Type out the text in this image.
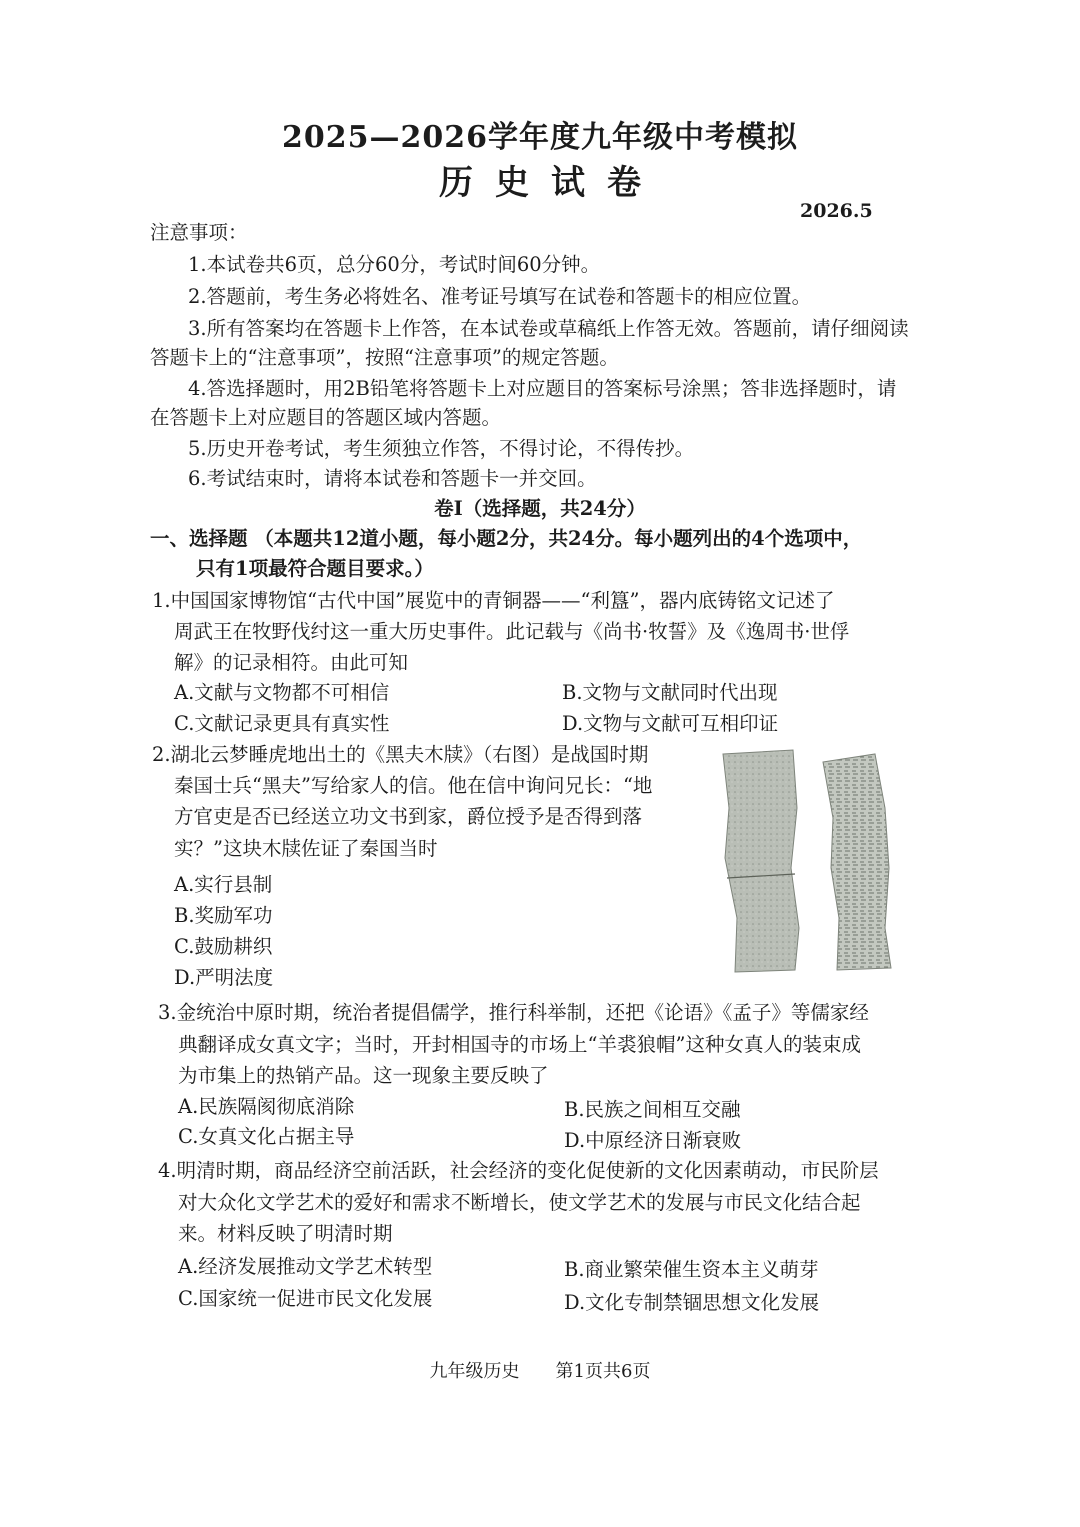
2025—2026学年度九年级中考模拟
历史试卷
2026.5
注意事项：
1.本试卷共6页，总分60分，考试时间60分钟。
2.答题前，考生务必将姓名、准考证号填写在试卷和答题卡的相应位置。
3.所有答案均在答题卡上作答，在本试卷或草稿纸上作答无效。答题前，请仔细阅读
答题卡上的“注意事项”，按照“注意事项”的规定答题。
4.答选择题时，用2B铅笔将答题卡上对应题目的答案标号涂黑；答非选择题时，请
在答题卡上对应题目的答题区域内答题。
5.历史开卷考试，考生须独立作答，不得讨论，不得传抄。
6.考试结束时，请将本试卷和答题卡一并交回。
卷Ⅰ（选择题，共24分）
一、选择题 （本题共12道小题，每小题2分，共24分。每小题列出的4个选项中，
只有1项最符合题目要求。）
1.中国国家博物馆“古代中国”展览中的青铜器——“利簋”，器内底铸铭文记述了
周武王在牧野伐纣这一重大历史事件。此记载与《尚书·牧誓》及《逸周书·世俘
解》的记录相符。由此可知
A.文献与文物都不可相信	B.文物与文献同时代出现
C.文献记录更具有真实性	D.文物与文献可互相印证
2.湖北云梦睡虎地出土的《黑夫木牍》（右图）是战国时期
秦国士兵“黑夫”写给家人的信。他在信中询问兄长：“地
方官吏是否已经送立功文书到家，爵位授予是否得到落
实？”这块木牍佐证了秦国当时
A.实行县制
B.奖励军功
C.鼓励耕织
D.严明法度
3.金统治中原时期，统治者提倡儒学，推行科举制，还把《论语》《孟子》等儒家经
典翻译成女真文字；当时，开封相国寺的市场上“羊裘狼帽”这种女真人的装束成
为市集上的热销产品。这一现象主要反映了
A.民族隔阂彻底消除	B.民族之间相互交融
C.女真文化占据主导	D.中原经济日渐衰败
4.明清时期，商品经济空前活跃，社会经济的变化促使新的文化因素萌动，市民阶层
对大众化文学艺术的爱好和需求不断增长，使文学艺术的发展与市民文化结合起
来。材料反映了明清时期
A.经济发展推动文学艺术转型	B.商业繁荣催生资本主义萌芽
C.国家统一促进市民文化发展	D.文化专制禁锢思想文化发展
九年级历史　　第1页共6页
